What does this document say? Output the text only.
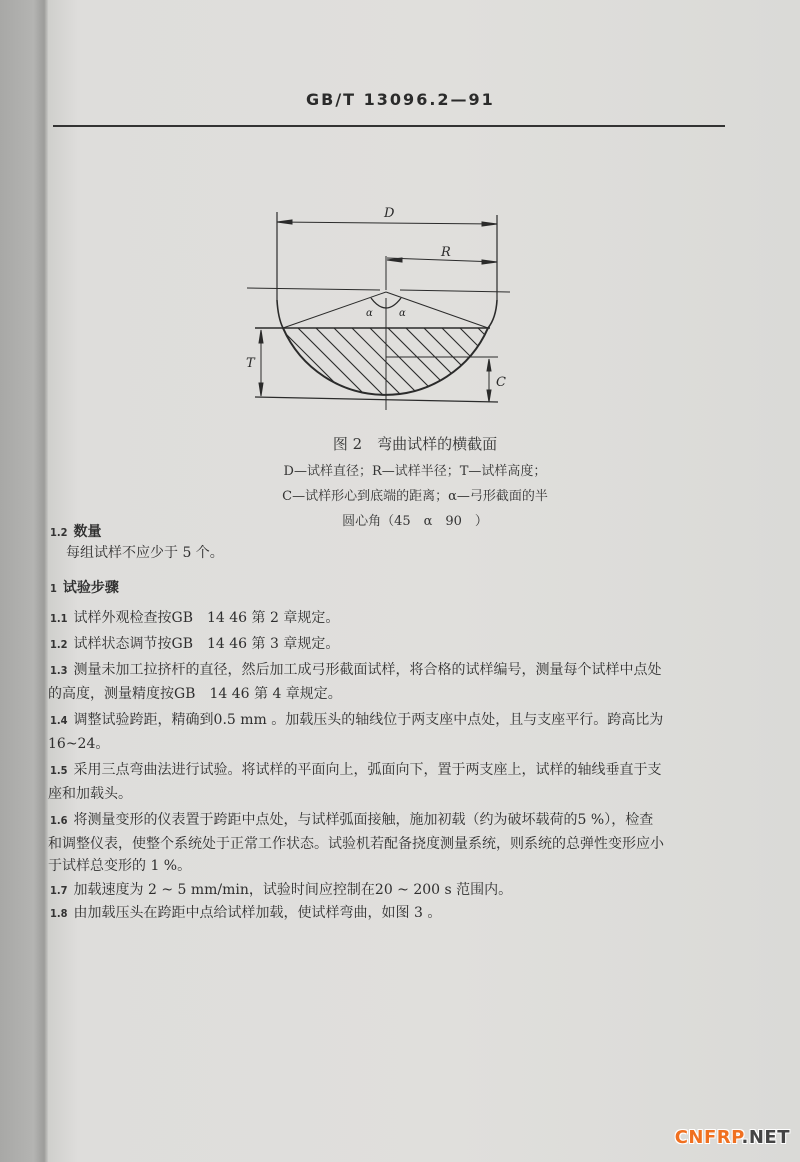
GB/T 13096.2—91
D
R
T
C
α	α
图 2　弯曲试样的横截面
D—试样直径；R—试样半径；T—试样高度；
C—试样形心到底端的距离；α—弓形截面的半
圆心角（45　α　90　）
1.2 数量
每组试样不应少于 5 个。
1 试验步骤
1.1 试样外观检查按GB　14 46 第 2 章规定。
1.2 试样状态调节按GB　14 46 第 3 章规定。
1.3 测量未加工拉挤杆的直径，然后加工成弓形截面试样，将合格的试样编号，测量每个试样中点处
的高度，测量精度按GB　14 46 第 4 章规定。
1.4 调整试验跨距，精确到0.5 mm 。加载压头的轴线位于两支座中点处，且与支座平行。跨高比为
16~24。
1.5 采用三点弯曲法进行试验。将试样的平面向上，弧面向下，置于两支座上，试样的轴线垂直于支
座和加载头。
1.6 将测量变形的仪表置于跨距中点处，与试样弧面接触，施加初载（约为破坏载荷的5 %），检查
和调整仪表，使整个系统处于正常工作状态。试验机若配备挠度测量系统，则系统的总弹性变形应小
于试样总变形的 1 %。
1.7 加载速度为 2 ~ 5 mm/min，试验时间应控制在20 ~ 200 s 范围内。
1.8 由加载压头在跨距中点给试样加载，使试样弯曲，如图 3 。
CNFRP.NET
